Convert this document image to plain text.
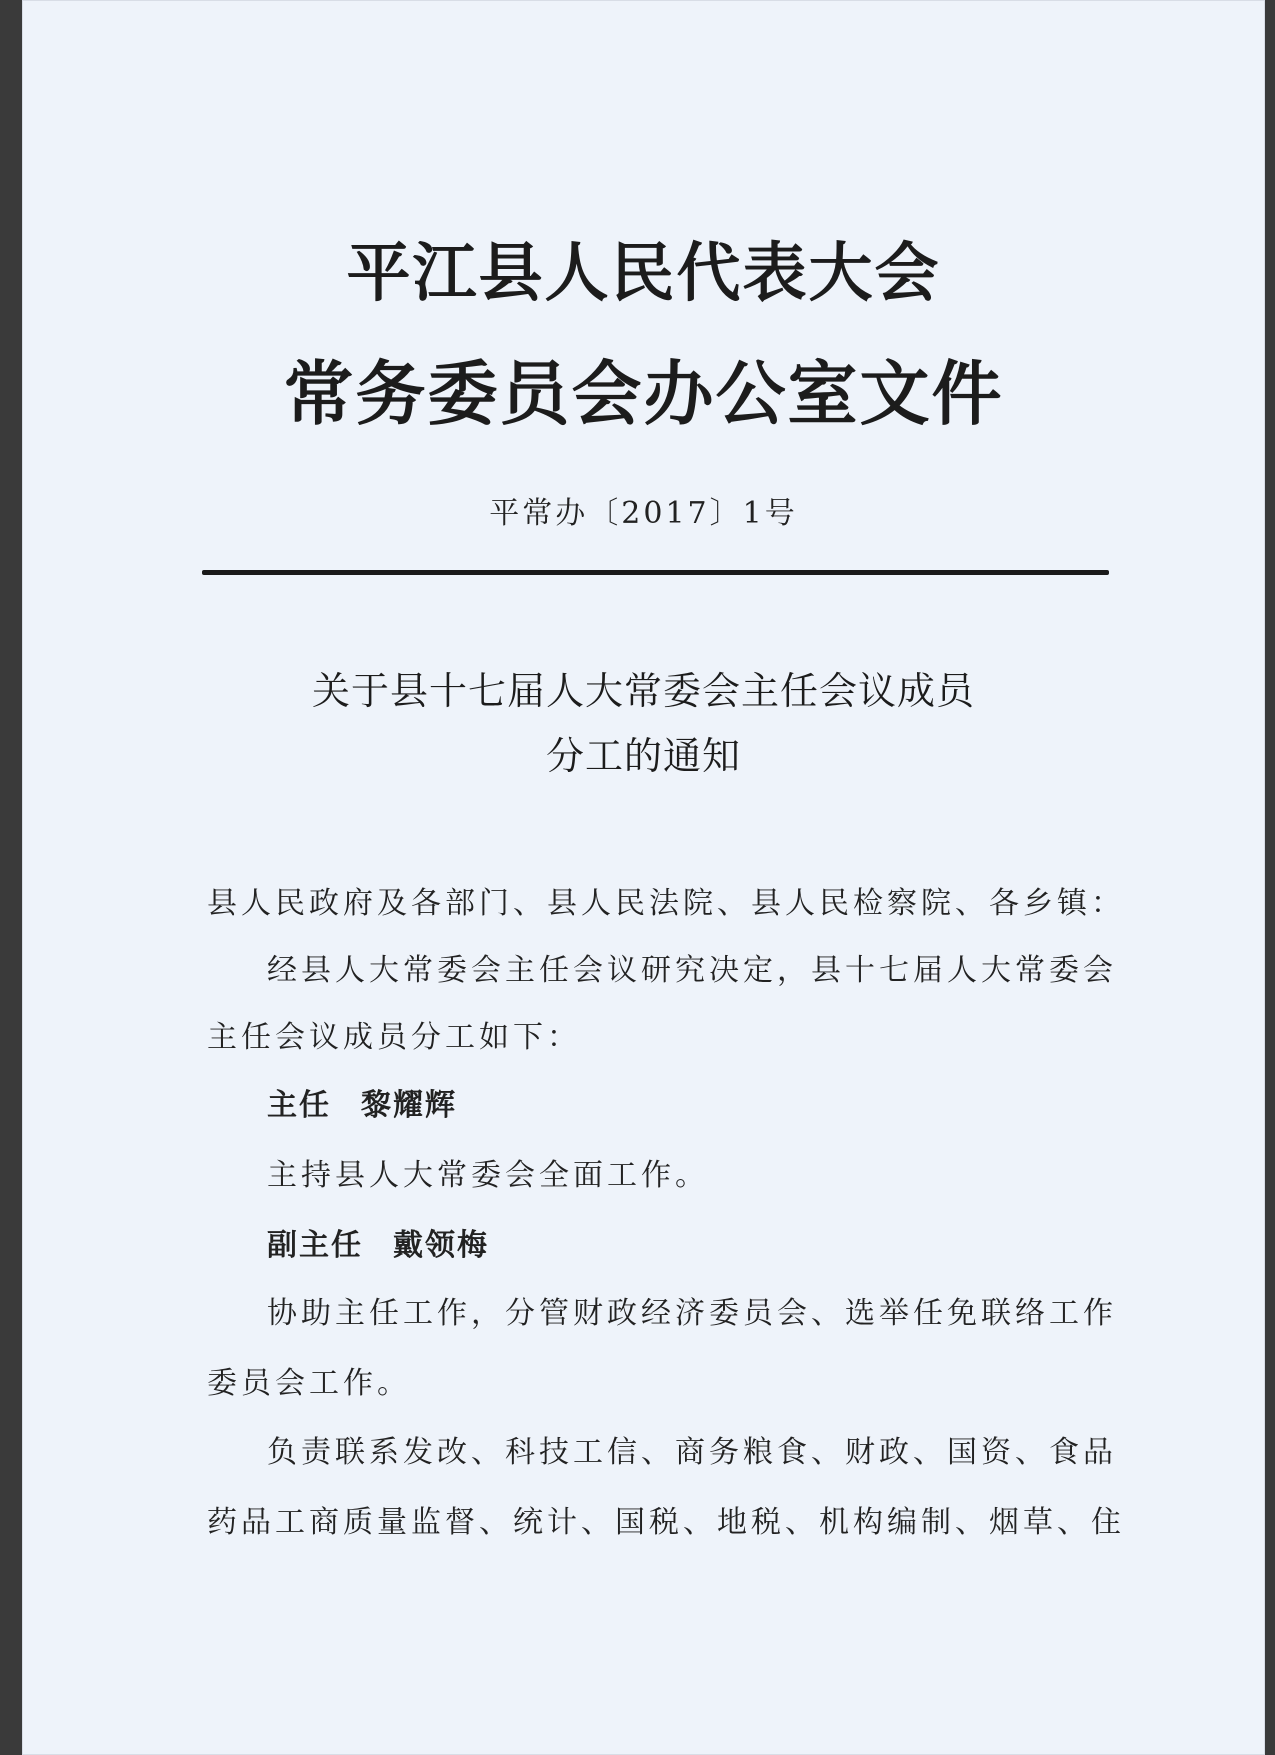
平江县人民代表大会
常务委员会办公室文件
平常办〔2017〕1号
关于县十七届人大常委会主任会议成员
分工的通知
县人民政府及各部门、县人民法院、县人民检察院、各乡镇：
经县人大常委会主任会议研究决定，县十七届人大常委会
主任会议成员分工如下：
主任 黎耀辉
主持县人大常委会全面工作。
副主任 戴领梅
协助主任工作，分管财政经济委员会、选举任免联络工作
委员会工作。
负责联系发改、科技工信、商务粮食、财政、国资、食品
药品工商质量监督、统计、国税、地税、机构编制、烟草、住
